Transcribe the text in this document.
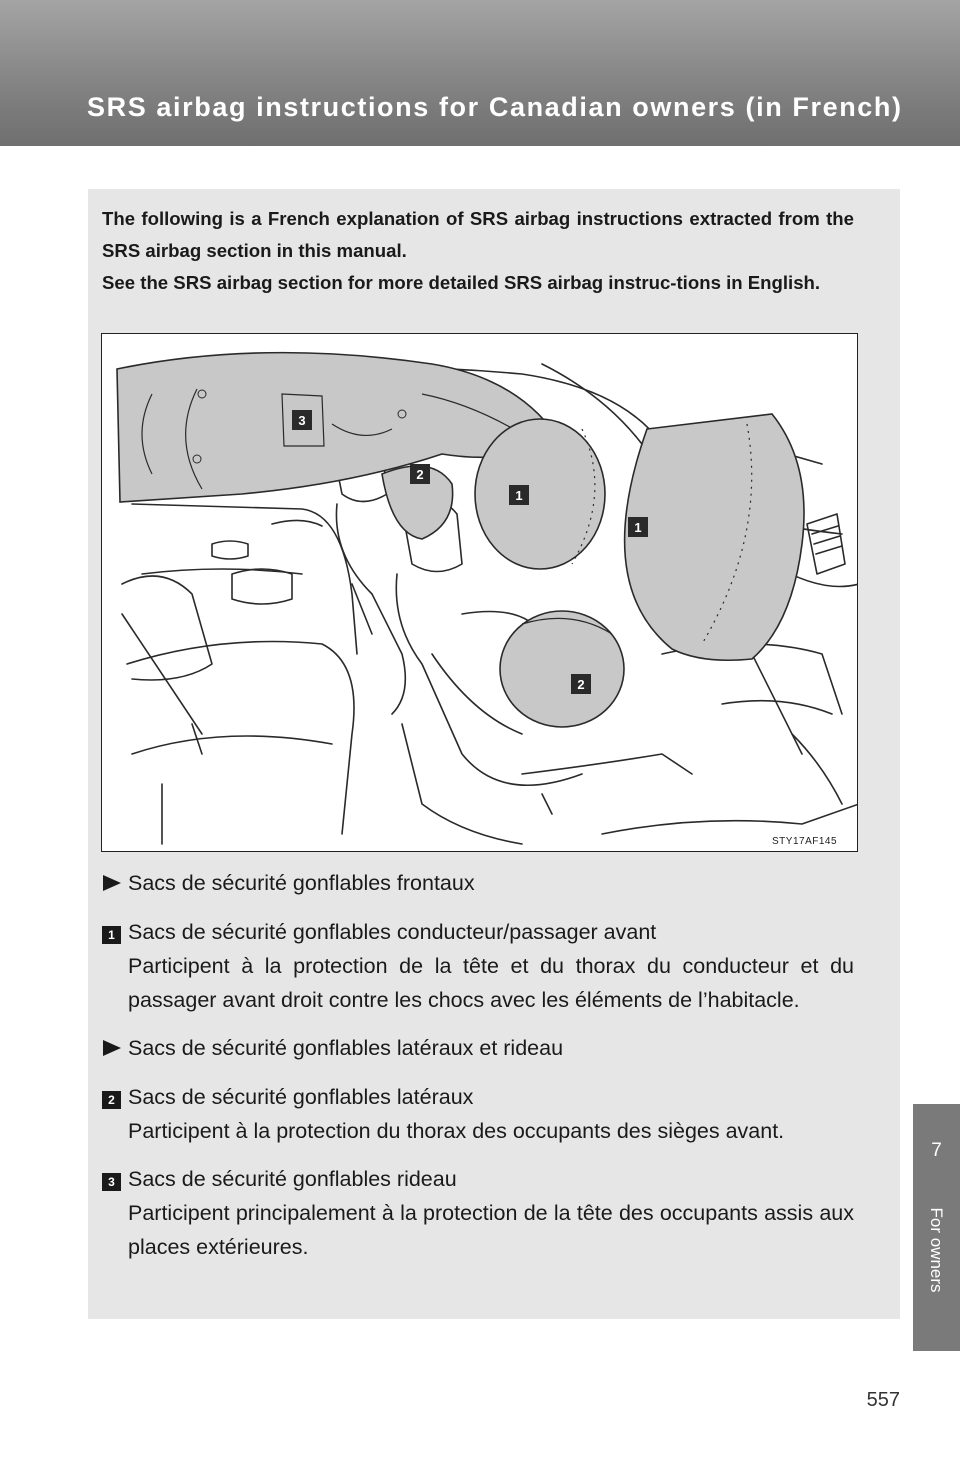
SRS airbag instructions for Canadian owners (in French)
7
For owners
557

The following is a French explanation of SRS airbag instructions extracted from the SRS airbag section in this manual.

See the SRS airbag section for more detailed SRS airbag instruc-tions in English.

3
2
1
1
2
STY17AF145
Sacs de sécurité gonflables frontaux
1 Sacs de sécurité gonflables conducteur/passager avant
Participent à la protection de la tête et du thorax du conducteur et du passager avant droit contre les chocs avec les éléments de l’habitacle.
Sacs de sécurité gonflables latéraux et rideau
2 Sacs de sécurité gonflables latéraux
Participent à la protection du thorax des occupants des sièges avant.
3 Sacs de sécurité gonflables rideau
Participent principalement à la protection de la tête des occupants assis aux places extérieures.
